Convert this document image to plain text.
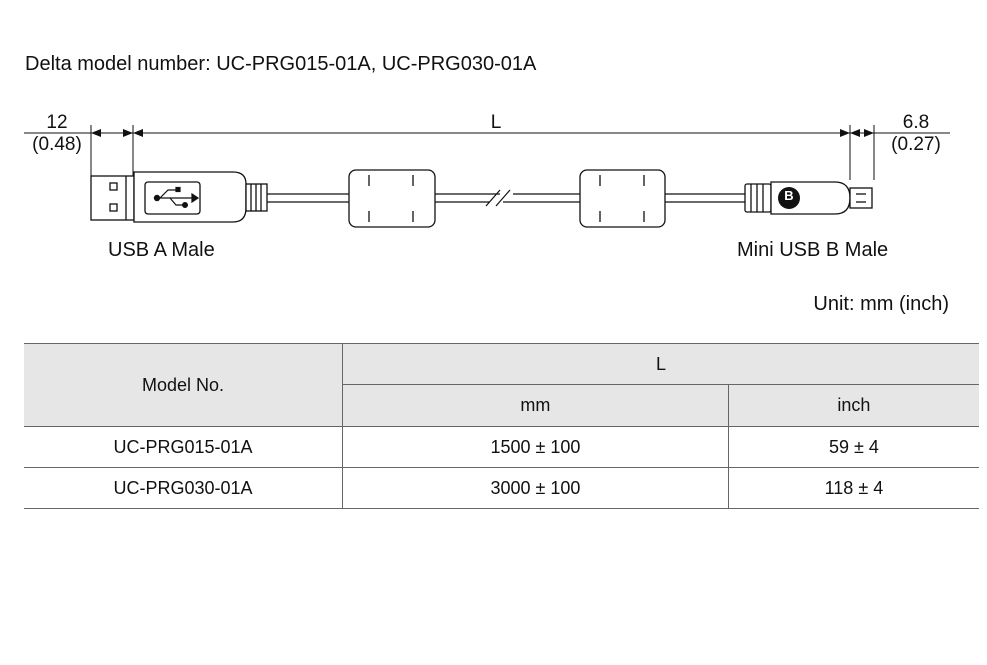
Delta model number: UC-PRG015-01A, UC-PRG030-01A
12
(0.48)
L	6.8
(0.27)
B
USB A Male	Mini USB B Male
Unit: mm (inch)
Model No.	L	
	mm	inch
UC-PRG015-01A	1500 ± 100	59 ± 4
UC-PRG030-01A	3000 ± 100	118 ± 4
